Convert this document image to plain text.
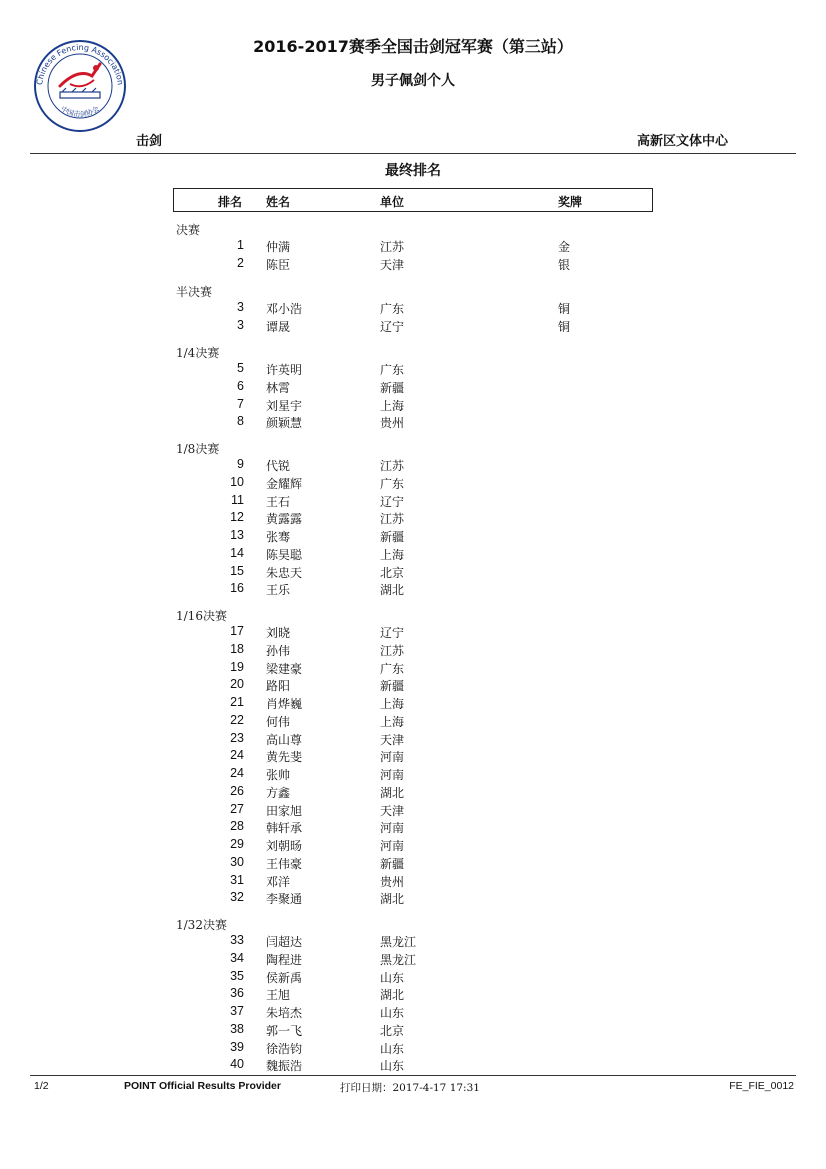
Chinese Fencing Association
中国击剑协会
2016-2017赛季全国击剑冠军赛（第三站）
男子佩剑个人
击剑	高新区文体中心
最终排名
排名 姓名	单位	奖牌
决赛
1 仲满	江苏	金
2 陈臣	天津	银
半决赛
3 邓小浩	广东	铜
3 谭晟	辽宁	铜
1/4决赛
5 许英明	广东
6 林霄	新疆
7 刘星宇	上海
8 颜颖慧	贵州
1/8决赛
9 代锐	江苏
10 金耀辉	广东
11 王石	辽宁
12 黄露露	江苏
13 张骞	新疆
14 陈昊聪	上海
15 朱忠天	北京
16 王乐	湖北
1/16决赛
17 刘晓	辽宁
18 孙伟	江苏
19 梁建豪	广东
20 路阳	新疆
21 肖烨巍	上海
22 何伟	上海
23 高山尊	天津
24 黄先斐	河南
24 张帅	河南
26 方鑫	湖北
27 田家旭	天津
28 韩轩承	河南
29 刘朝旸	河南
30 王伟豪	新疆
31 邓洋	贵州
32 李聚通	湖北
1/32决赛
33 闫超达	黑龙江
34 陶程进	黑龙江
35 侯新禹	山东
36 王旭	湖北
37 朱培杰	山东
38 郭一飞	北京
39 徐浩钧	山东
40 魏振浩	山东
1/2	POINT Official Results Provider	打印日期：2017-4-17 17:31	FE_FIE_0012
